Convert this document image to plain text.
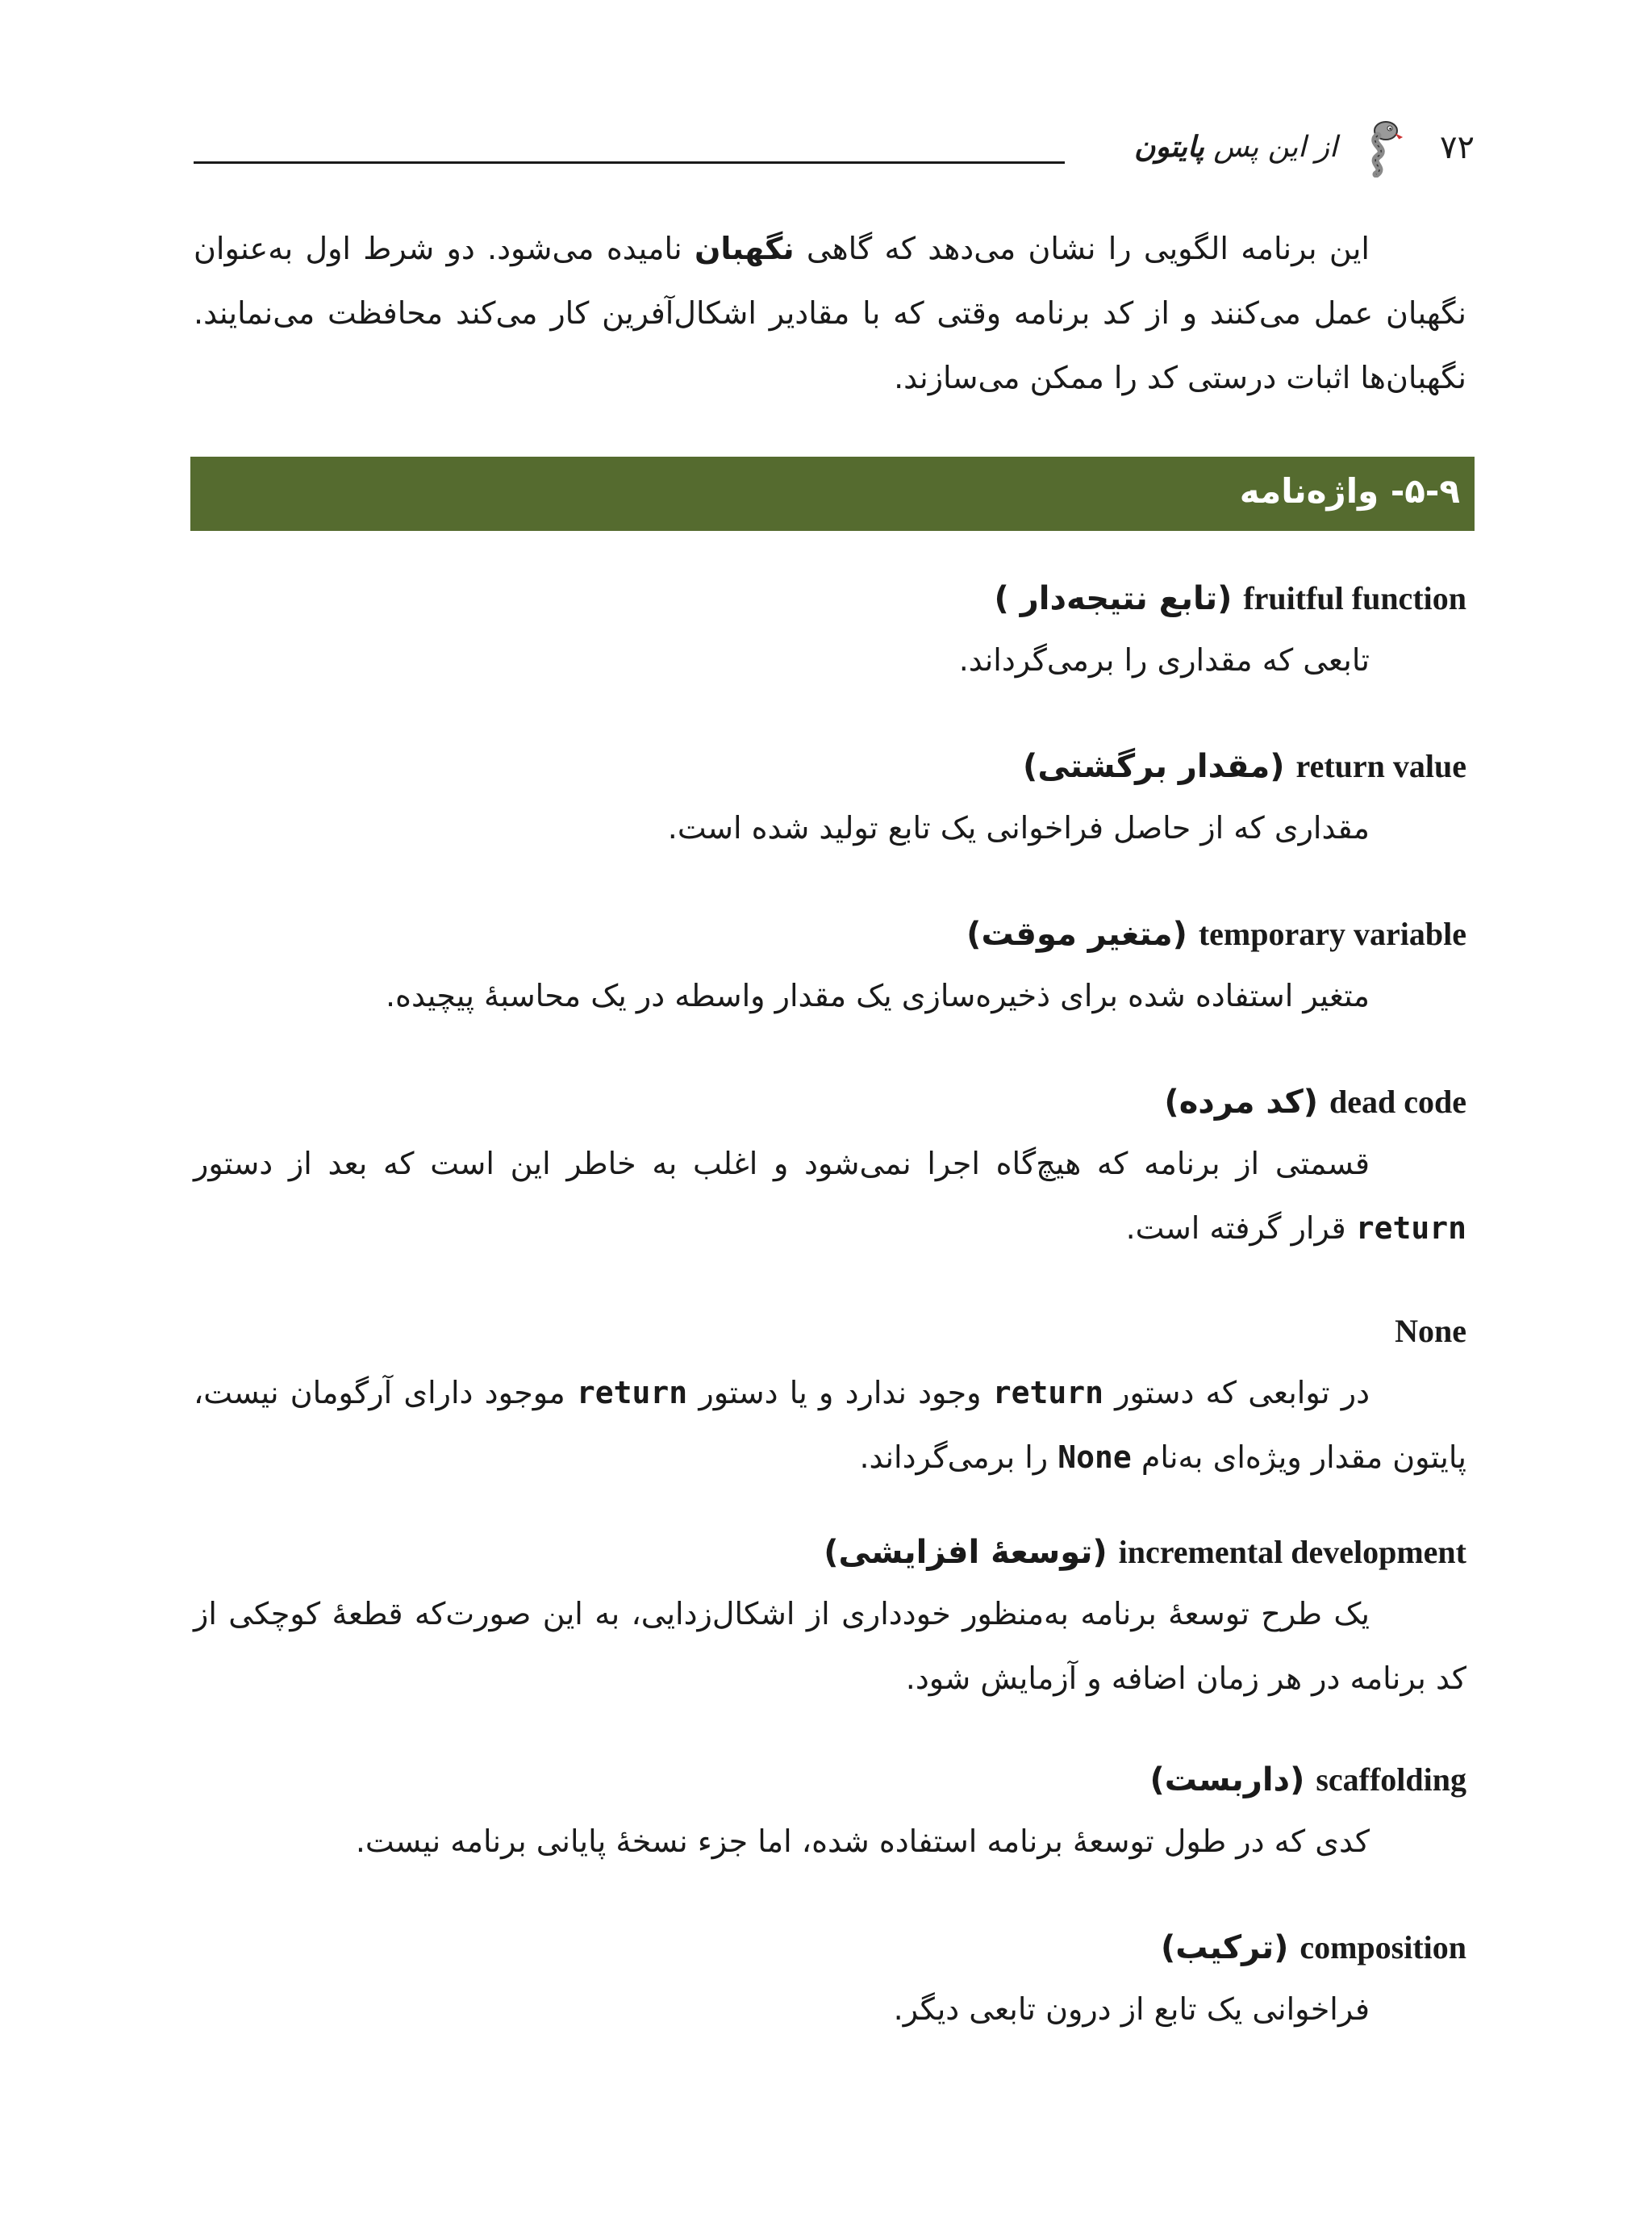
۷۲
از این پس پایتون

این برنامه الگویی را نشان می‌دهد که گاهی نگهبان نامیده می‌شود. دو شرط اول به‌عنوان نگهبان عمل می‌کنند و از کد برنامه وقتی که با مقادیر اشکال‌آفرین کار می‌کند محافظت می‌نمایند. نگهبان‌ها اثبات درستی کد را ممکن می‌سازند.

۵-۹- واژه‌نامه
fruitful function (تابع نتیجه‌دار )
تابعی که مقداری را برمی‌گرداند.
return value (مقدار برگشتی)
مقداری که از حاصل فراخوانی یک تابع تولید شده است.
temporary variable (متغیر موقت)
متغیر استفاده شده برای ذخیره‌سازی یک مقدار واسطه در یک محاسبهٔ پیچیده.
dead code (کد مرده)
قسمتی از برنامه که هیچ‌گاه اجرا نمی‌شود و اغلب به خاطر این است که بعد از دستور return قرار گرفته است.
None
در توابعی که دستور return وجود ندارد و یا دستور return موجود دارای آرگومان نیست، پایتون مقدار ویژه‌ای به‌نام None را برمی‌گرداند.
incremental development (توسعهٔ افزایشی)
یک طرح توسعهٔ برنامه به‌منظور خودداری از اشکال‌زدایی، به این صورت‌که قطعهٔ کوچکی از کد برنامه در هر زمان اضافه و آزمایش شود.
scaffolding (داربست)
کدی که در طول توسعهٔ برنامه استفاده شده، اما جزء نسخهٔ پایانی برنامه نیست.
composition (ترکیب)
فراخوانی یک تابع از درون تابعی دیگر.
